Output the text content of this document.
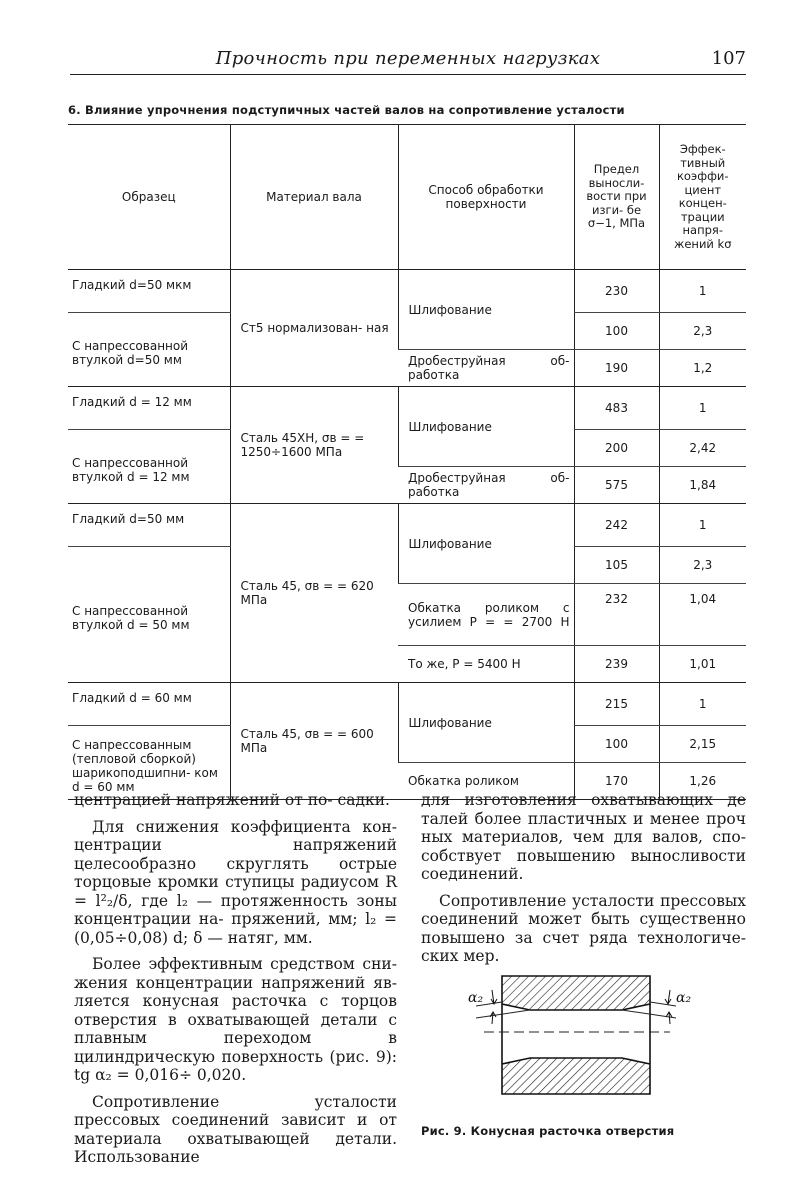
Прочность при переменных нагрузках	107
6. Влияние упрочнения подступичных частей валов на сопротивление усталости
Образец	Материал вала	Способ обработки поверхности	Предел выносли- вости при изги- бе σ−1, МПа	Эффек- тивный коэффи- циент концен- трации напря- жений kσ
Гладкий d=50 мкм	Ст5 нормализован- ная	Шлифование	230	1
С напрессованной втулкой d=50 мм			100	2,3
		Дробеструйная об- работка	190	1,2
Гладкий d = 12 мм	Сталь 45ХН, σв = = 1250÷1600 МПа	Шлифование	483	1
С напрессованной втулкой d = 12 мм			200	2,42
		Дробеструйная об- работка	575	1,84
Гладкий d=50 мм	Сталь 45, σв = = 620 МПа	Шлифование	242	1
С напрессованной втулкой d = 50 мм			105	2,3
		Обкатка роликом с усилием P = = 2700 Н	232	1,04
		То же, P = 5400 Н	239	1,01
Гладкий d = 60 мм	Сталь 45, σв = = 600 МПа	Шлифование	215	1
С напрессованным (тепловой сборкой) шарикоподшипни- ком d = 60 мм			100	2,15
		Обкатка роликом	170	1,26

центрацией напряжений от по- садки.

Для снижения коэффициента кон- центрации напряжений целесообразно скруглять острые торцовые кромки ступицы радиусом R = l²₂/δ, где l₂ — протяженность зоны концентрации на- пряжений, мм; l₂ = (0,05÷0,08) d; δ — натяг, мм.

Более эффективным средством сни- жения концентрации напряжений яв- ляется конусная расточка с торцов отверстия в охватывающей детали с плавным переходом в цилиндрическую поверхность (рис. 9): tg α₂ = 0,016÷ 0,020.

Сопротивление усталости прессовых соединений зависит и от материала охватывающей детали. Использование

для изготовления охватывающих де талей более пластичных и менее проч ных материалов, чем для валов, спо- собствует повышению выносливости соединений.

Сопротивление усталости прессовых соединений может быть существенно повышено за счет ряда технологиче- ских мер.

α₂	α₂
Рис. 9. Конусная расточка отверстия
